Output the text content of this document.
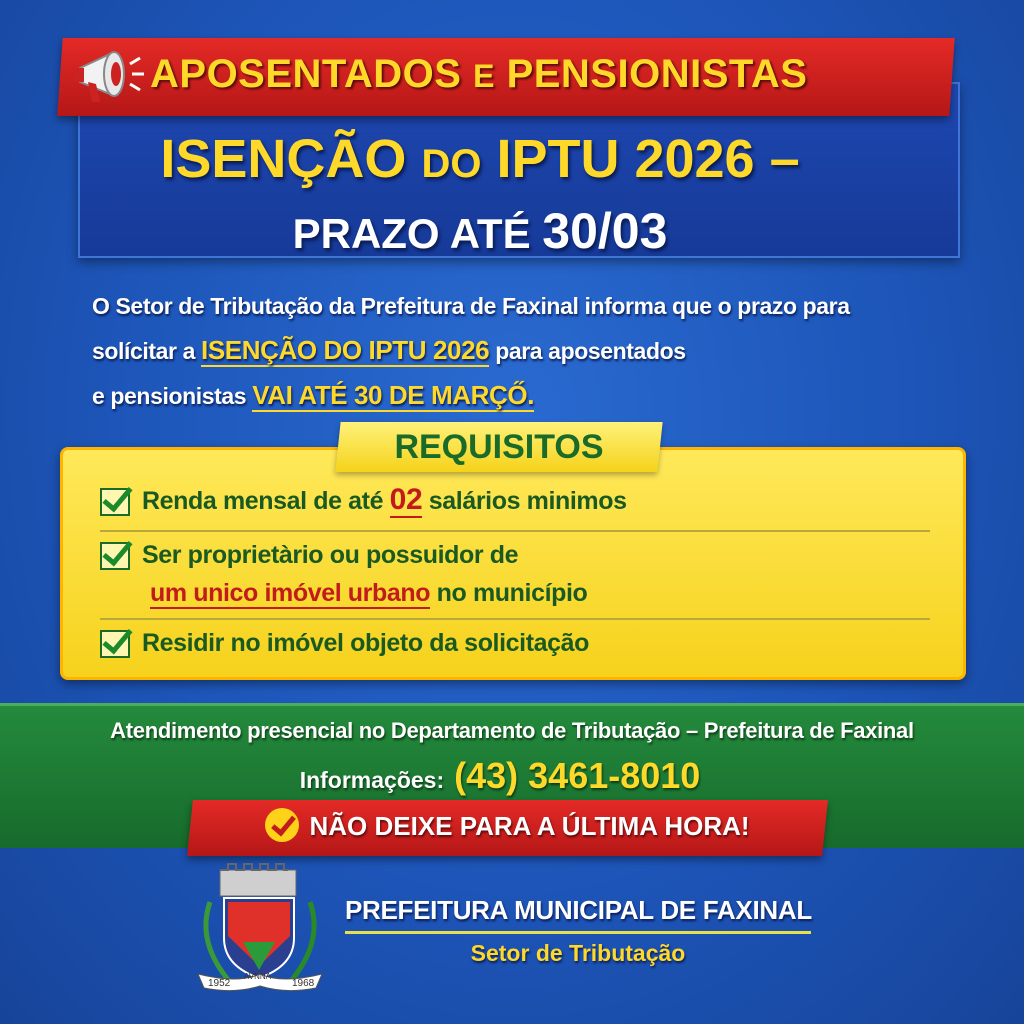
APOSENTADOS E PENSIONISTAS
ISENÇÃO DO IPTU 2026 –
PRAZO ATÉ 30/03
O Setor de Tributação da Prefeitura de Faxinal informa que o prazo para
solícitar a ISENÇÃO DO IPTU 2026 para aposentados
e pensionistas VAI ATÉ 30 DE MARÇŐ.
REQUISITOS
Renda mensal de até 02 salários minimos
Ser proprietàrio ou possuidor de
um unico imóvel urbano no município
Residir no imóvel objeto da solicitação
Atendimento presencial no Departamento de Tributação – Prefeitura de Faxinal
Informações: (43) 3461-8010
NÃO DEIXE PARA A ÚLTIMA HORA!
1952
AVNNA
1968
PREFEITURA MUNICIPAL DE FAXINAL
Setor de Tributação
